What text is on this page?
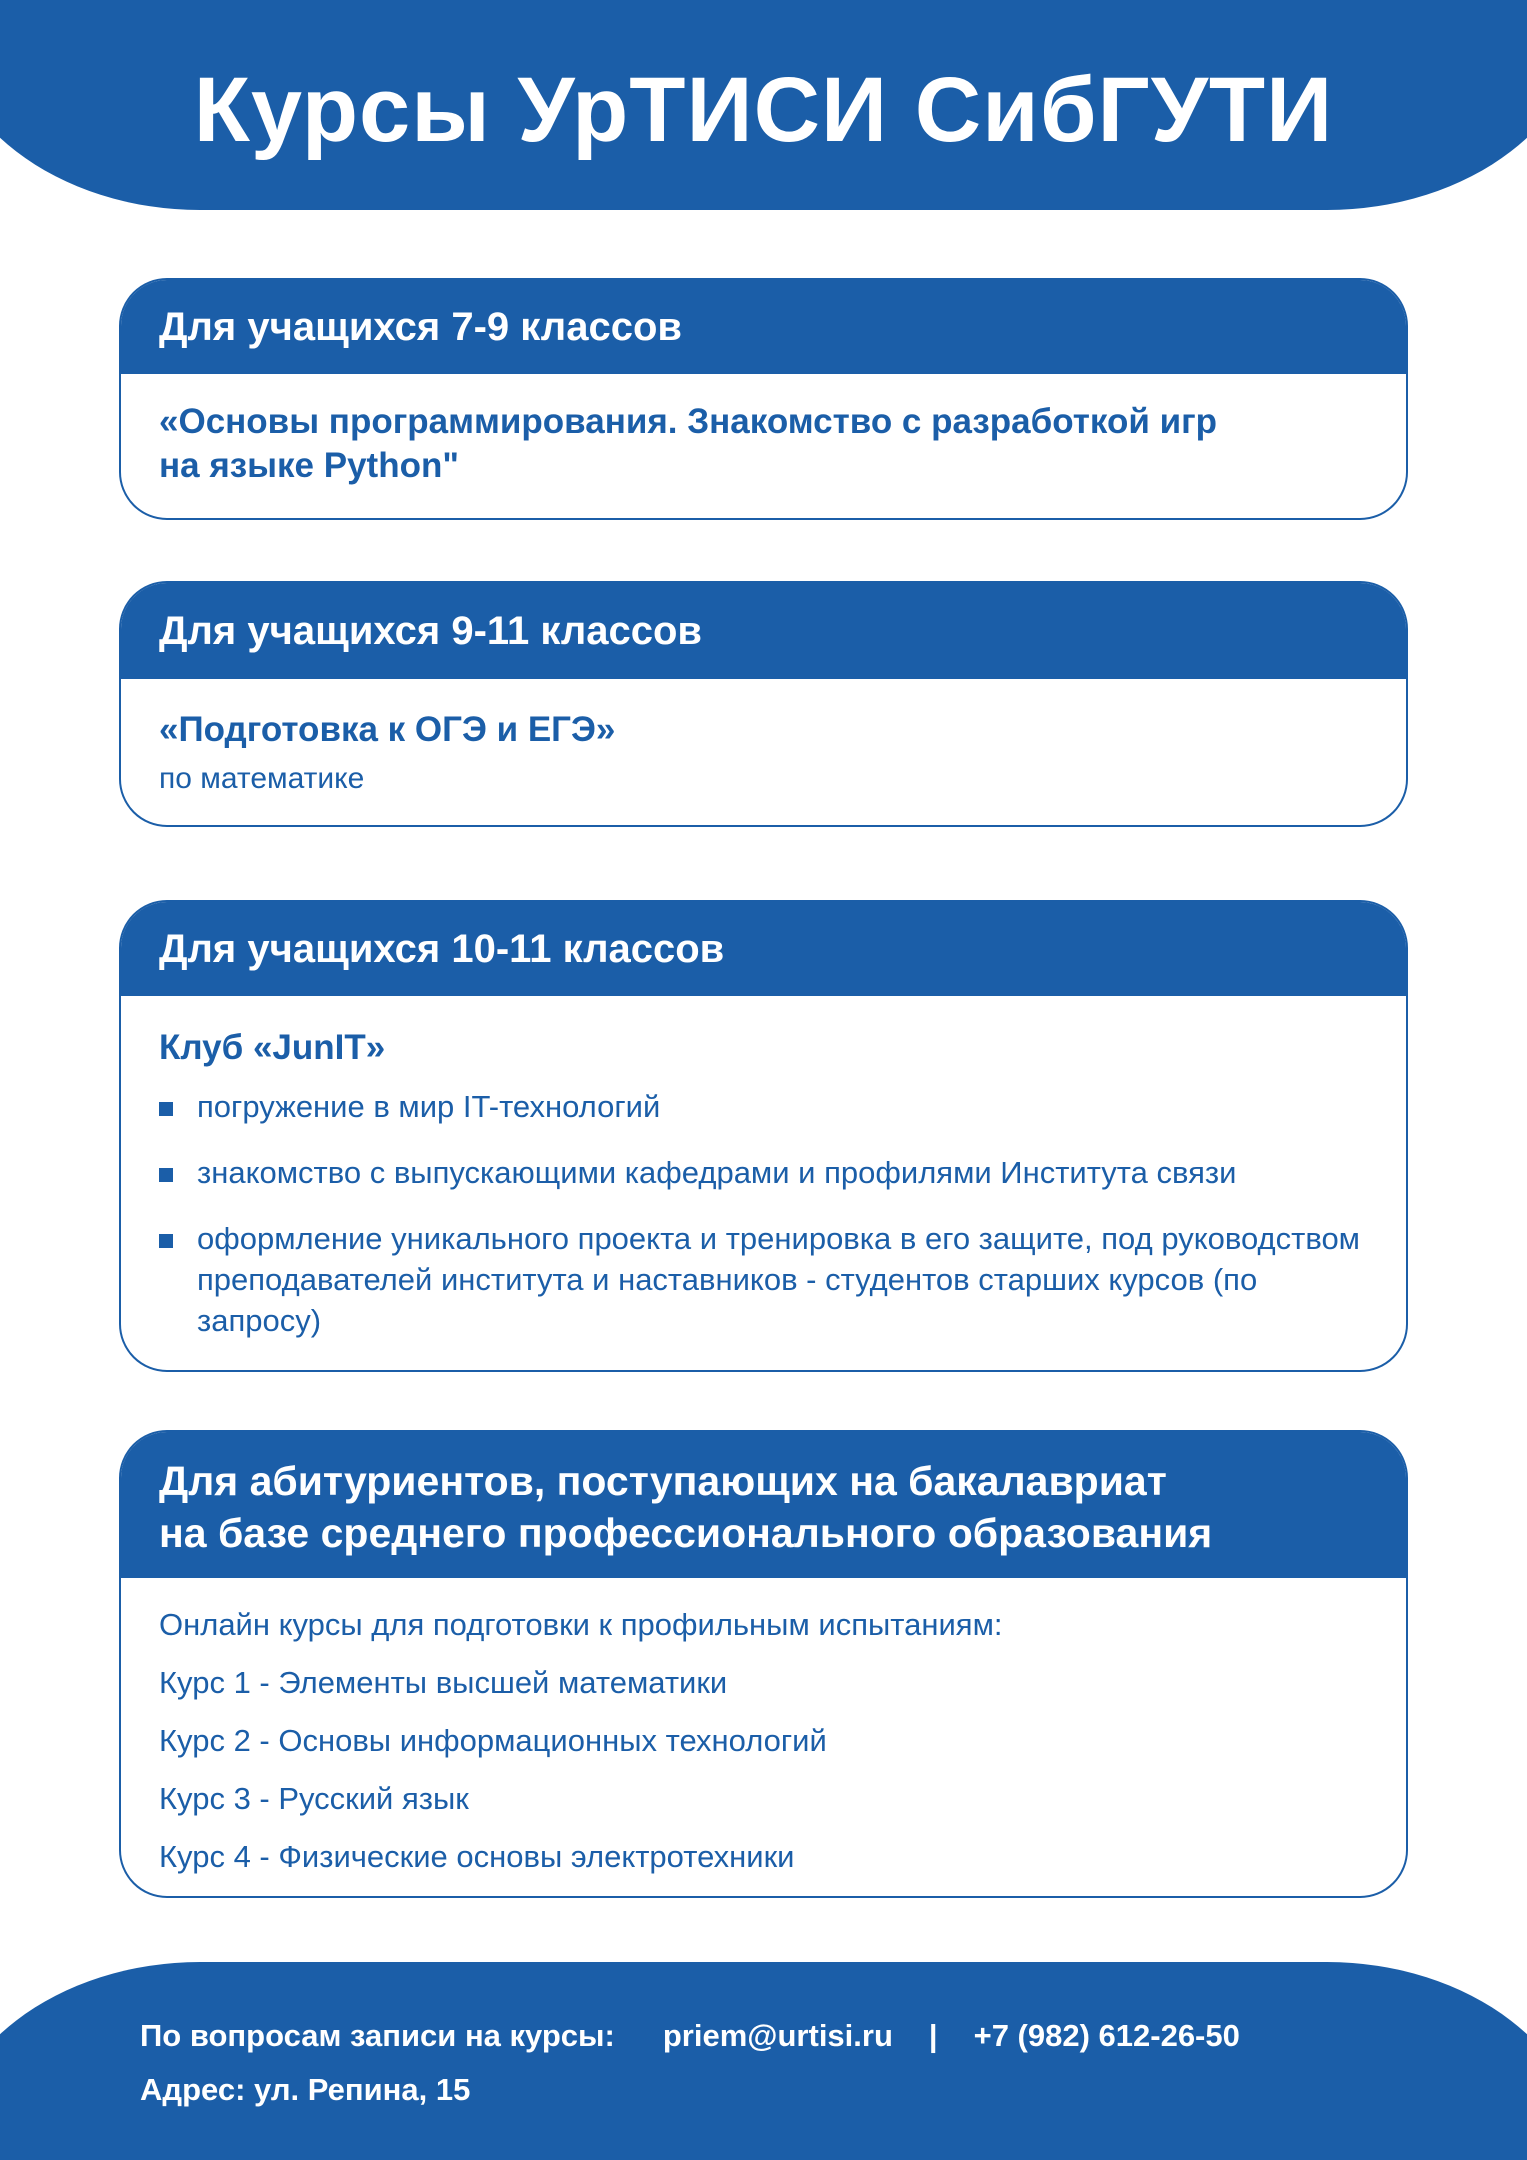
Курсы УрТИСИ СибГУТИ
Для учащихся 7-9 классов
«Основы программирования. Знакомство с разработкой игр
на языке Python"
Для учащихся 9-11 классов
«Подготовка к ОГЭ и ЕГЭ»
по математике
Для учащихся 10-11 классов
Клуб «JunIT»
погружение в мир IT-технологий
знакомство с выпускающими кафедрами и профилями Института связи
оформление уникального проекта и тренировка в его защите, под руководством преподавателей института и наставников - студентов старших курсов (по запросу)
Для абитуриентов, поступающих на бакалавриат
на базе среднего профессионального образования
Онлайн курсы для подготовки к профильным испытаниям:
Курс 1 - Элементы высшей математики
Курс 2 - Основы информационных технологий
Курс 3 - Русский язык
Курс 4 - Физические основы электротехники
По вопросам записи на курсы: priem@urtisi.ru | +7 (982) 612-26-50
Адрес: ул. Репина, 15
